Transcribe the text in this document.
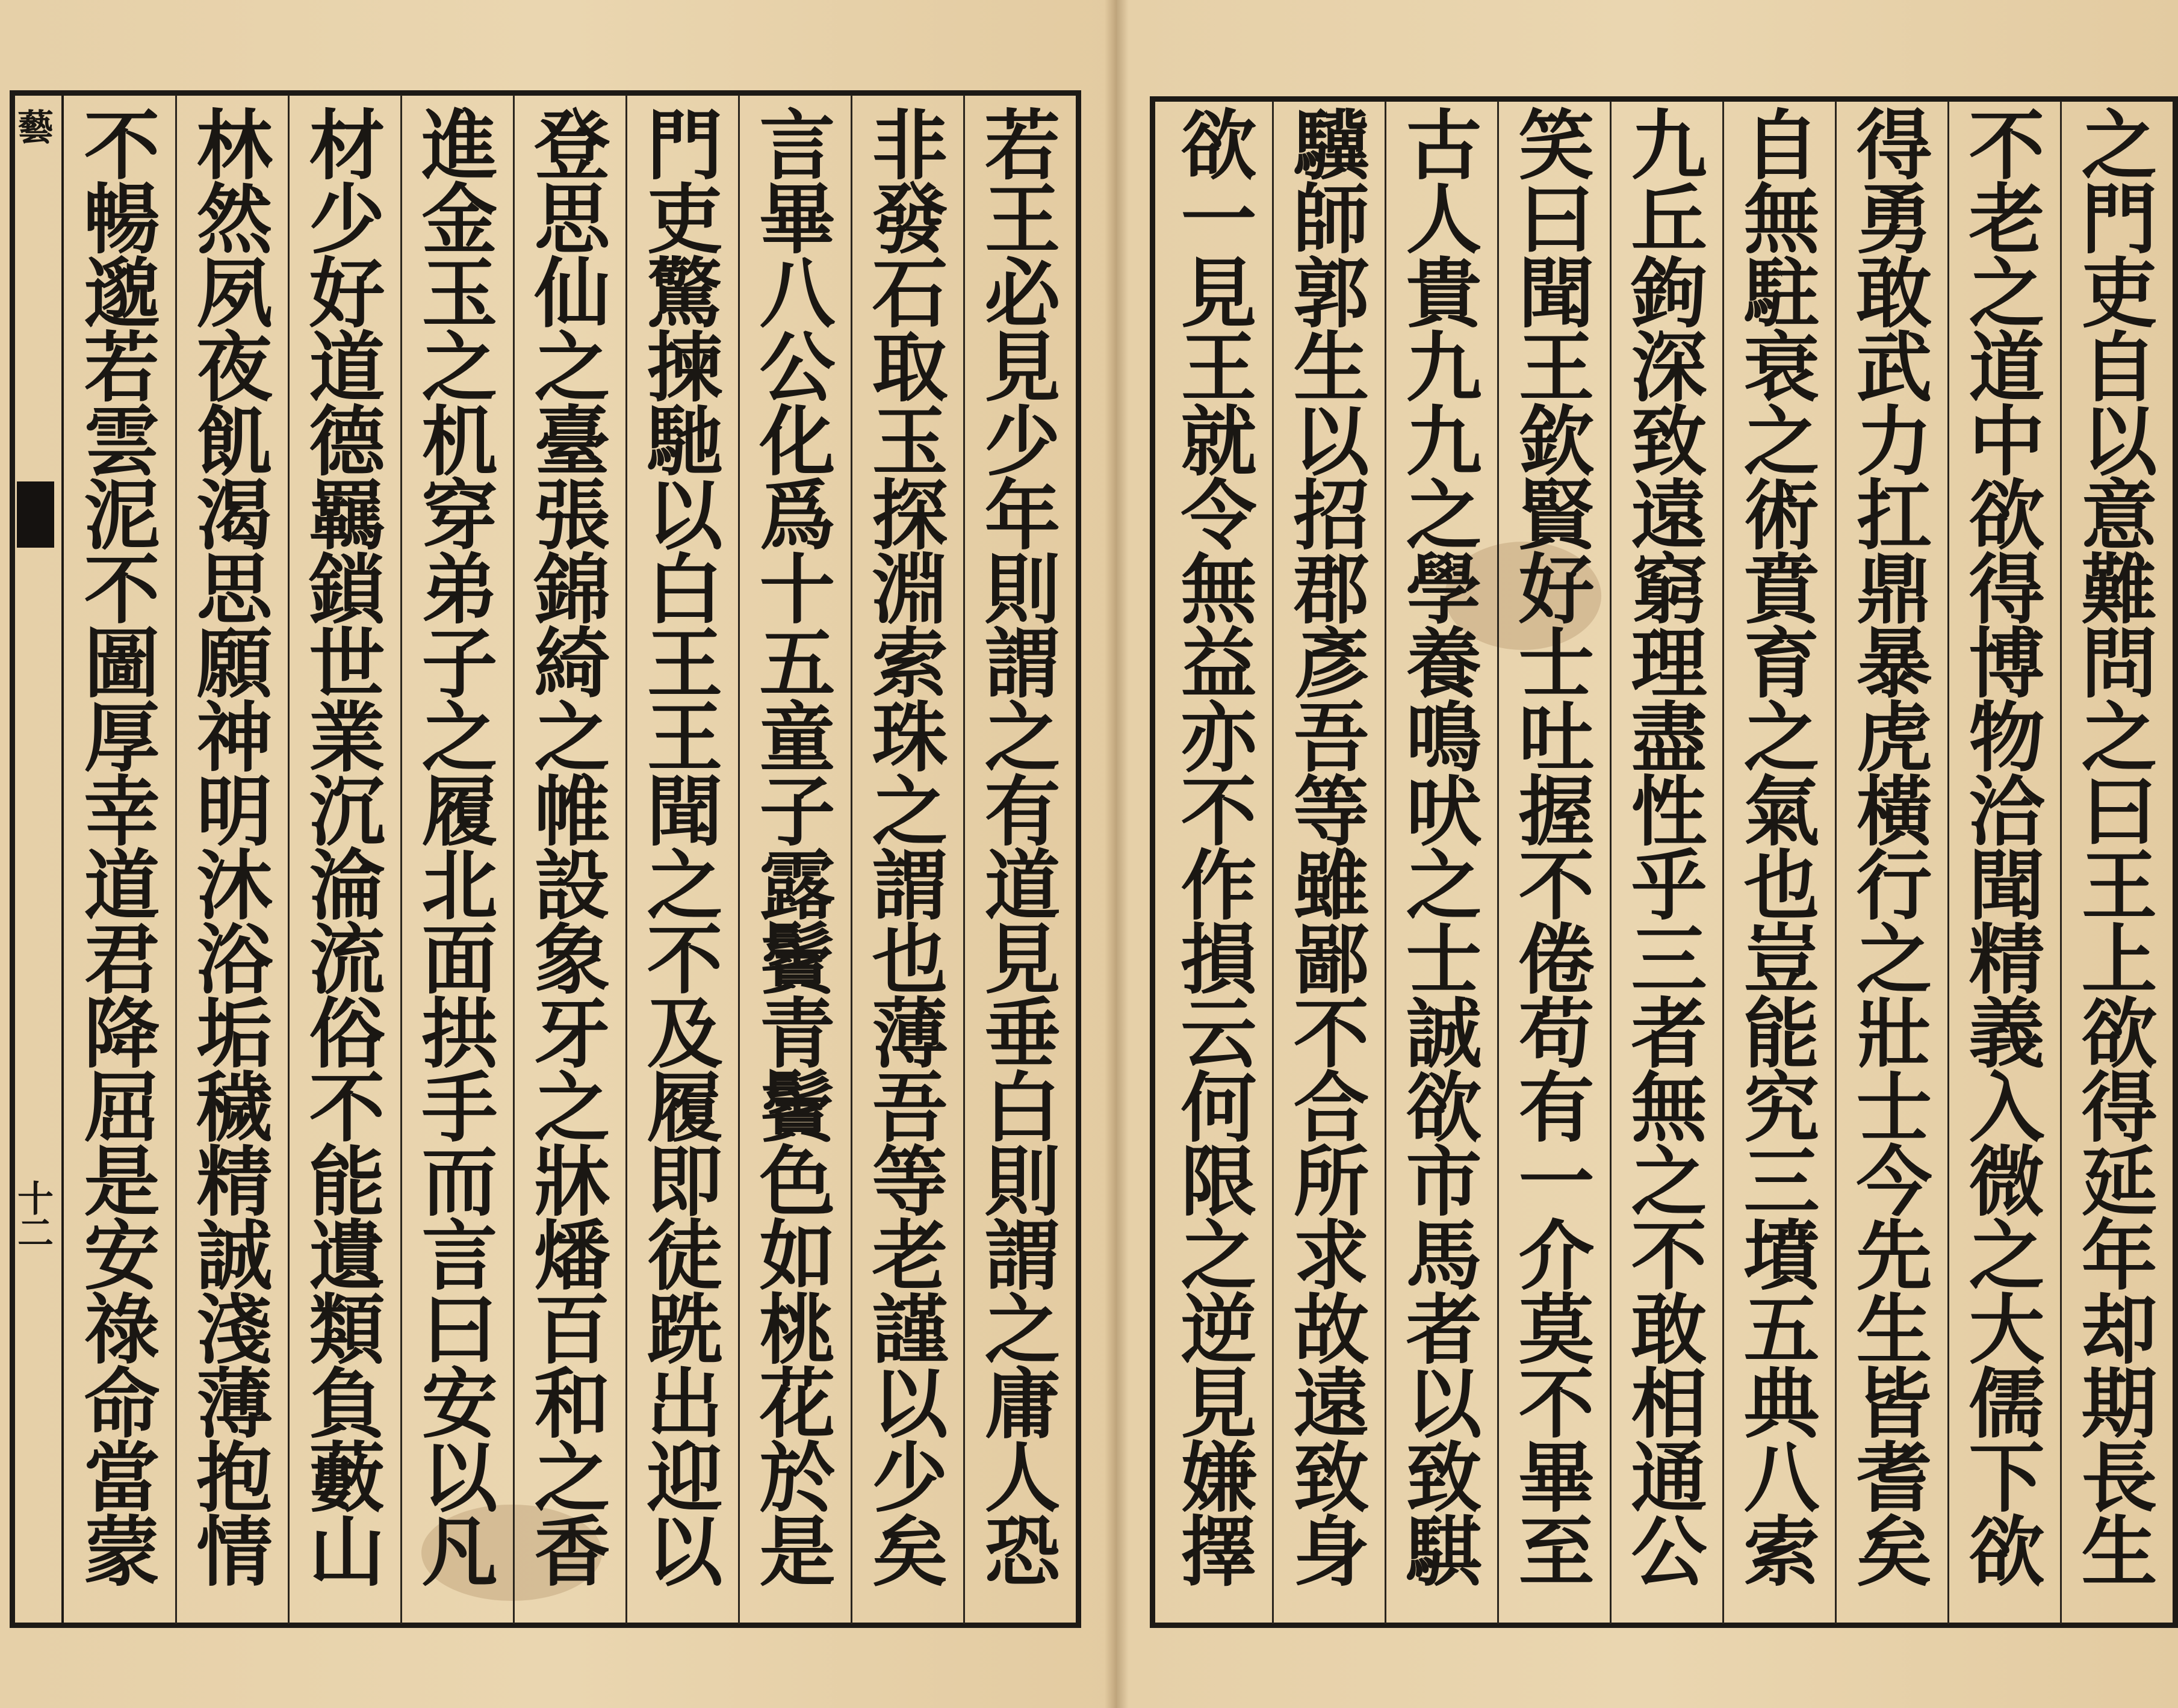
藝
十二	若王必見少年則謂之有道見垂白則謂之庸人恐
非發石取玉探淵索珠之謂也薄吾等老謹以少矣
言畢八公化爲十五童子露鬢青鬢色如桃花於是
門吏驚揀馳以白王王聞之不及履即徒跣出迎以
登思仙之臺張錦綺之帷設象牙之牀燔百和之香
進金玉之机穿弟子之履北面拱手而言曰安以凡
材少好道德羈鎖世業沉淪流俗不能遺類負藪山
林然夙夜飢渴思願神明沐浴垢穢精誠淺薄抱情
不暢邈若雲泥不圖厚幸道君降屈是安祿命當蒙	之門吏自以意難問之曰王上欲得延年却期長生
不老之道中欲得博物洽聞精義入微之大儒下欲
得勇敢武力扛鼎暴虎橫行之壯士今先生皆耆矣
自無駐衰之術賁育之氣也豈能究三墳五典八索
九丘鉤深致遠窮理盡性乎三者無之不敢相通公
笑曰聞王欽賢好士吐握不倦苟有一介莫不畢至
古人貴九九之學養鳴吠之士誠欲市馬者以致騏
驥師郭生以招郡彥吾等雖鄙不合所求故遠致身
欲一見王就令無益亦不作損云何限之逆見嫌擇
